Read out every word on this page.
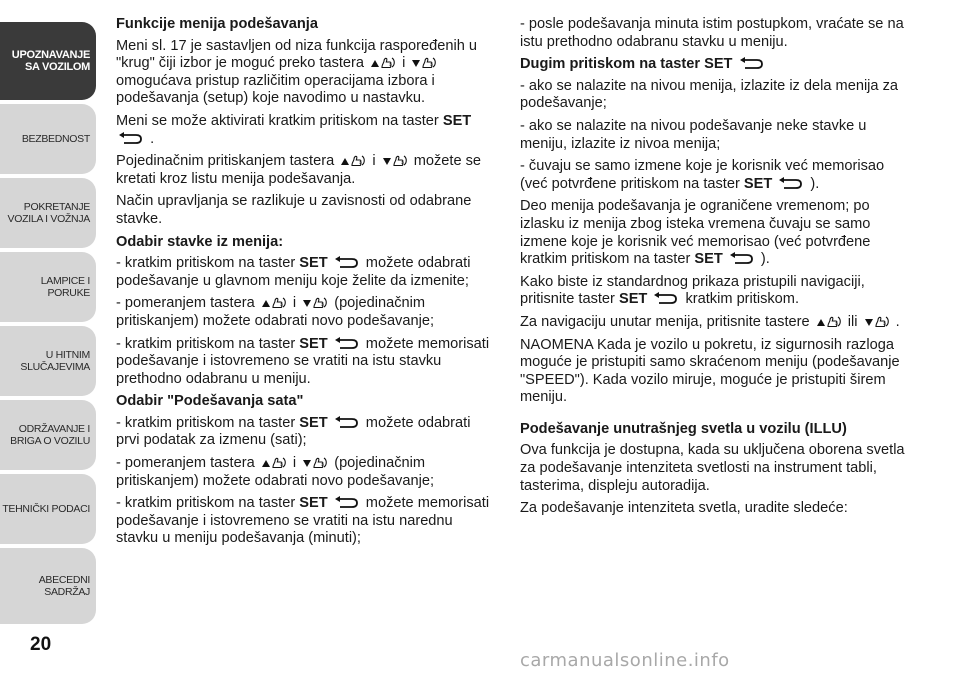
UPOZNAVANJE SA VOZILOM
BEZBEDNOST
POKRETANJE VOZILA I VOŽNJA
LAMPICE I PORUKE
U HITNIM SLUČAJEVIMA
ODRŽAVANJE I BRIGA O VOZILU
TEHNIČKI PODACI
ABECEDNI SADRŽAJ
20

Funkcije menija podešavanja

Meni sl. 17 je sastavljen od niza funkcija raspoređenih u "krug" čiji izbor je moguć preko tastera	i
omogućava pristup različitim operacijama izbora i podešavanja (setup) koje navodimo u nastavku.

Meni se može aktivirati kratkim pritiskom na taster SET
.

Pojedinačnim pritiskanjem tastera	i	možete se kretati kroz listu menija podešavanja.

Način upravljanja se razlikuje u zavisnosti od odabrane stavke.

Odabir stavke iz menija:

- kratkim pritiskom na taster SET	možete odabrati podešavanje u glavnom meniju koje želite da izmenite;

- pomeranjem tastera	i	(pojedinačnim pritiskanjem) možete odabrati novo podešavanje;

- kratkim pritiskom na taster SET	možete memorisati podešavanje i istovremeno se vratiti na istu stavku prethodno odabranu u meniju.

Odabir "Podešavanja sata"

- kratkim pritiskom na taster SET	možete odabrati prvi podatak za izmenu (sati);

- pomeranjem tastera	i	(pojedinačnim pritiskanjem) možete odabrati novo podešavanje;

- kratkim pritiskom na taster SET	možete memorisati podešavanje i istovremeno se vratiti na istu narednu stavku u meniju podešavanja (minuti);

- posle podešavanja minuta istim postupkom, vraćate se na istu prethodno odabranu stavku u meniju.

Dugim pritiskom na taster SET

- ako se nalazite na nivou menija, izlazite iz dela menija za podešavanje;

- ako se nalazite na nivou podešavanje neke stavke u meniju, izlazite iz nivoa menija;

- čuvaju se samo izmene koje je korisnik već memorisao (već potvrđene pritiskom na taster SET	).

Deo menija podešavanja je ograničene vremenom; po izlasku iz menija zbog isteka vremena čuvaju se samo izmene koje je korisnik već memorisao (već potvrđene kratkim pritiskom na taster SET	).

Kako biste iz standardnog prikaza pristupili navigaciji, pritisnite taster SET	kratkim pritiskom.

Za navigaciju unutar menija, pritisnite tastere	ili	.

NAOMENA Kada je vozilo u pokretu, iz sigurnosih razloga moguće je pristupiti samo skraćenom meniju (podešavanje "SPEED"). Kada vozilo miruje, moguće je pristupiti širem meniju.

Podešavanje unutrašnjeg svetla u vozilu (ILLU)

Ova funkcija je dostupna, kada su uključena oborena svetla za podešavanje intenziteta svetlosti na instrument tabli, tasterima, displeju autoradija.

Za podešavanje intenziteta svetla, uradite sledeće:

carmanualsonline.info
